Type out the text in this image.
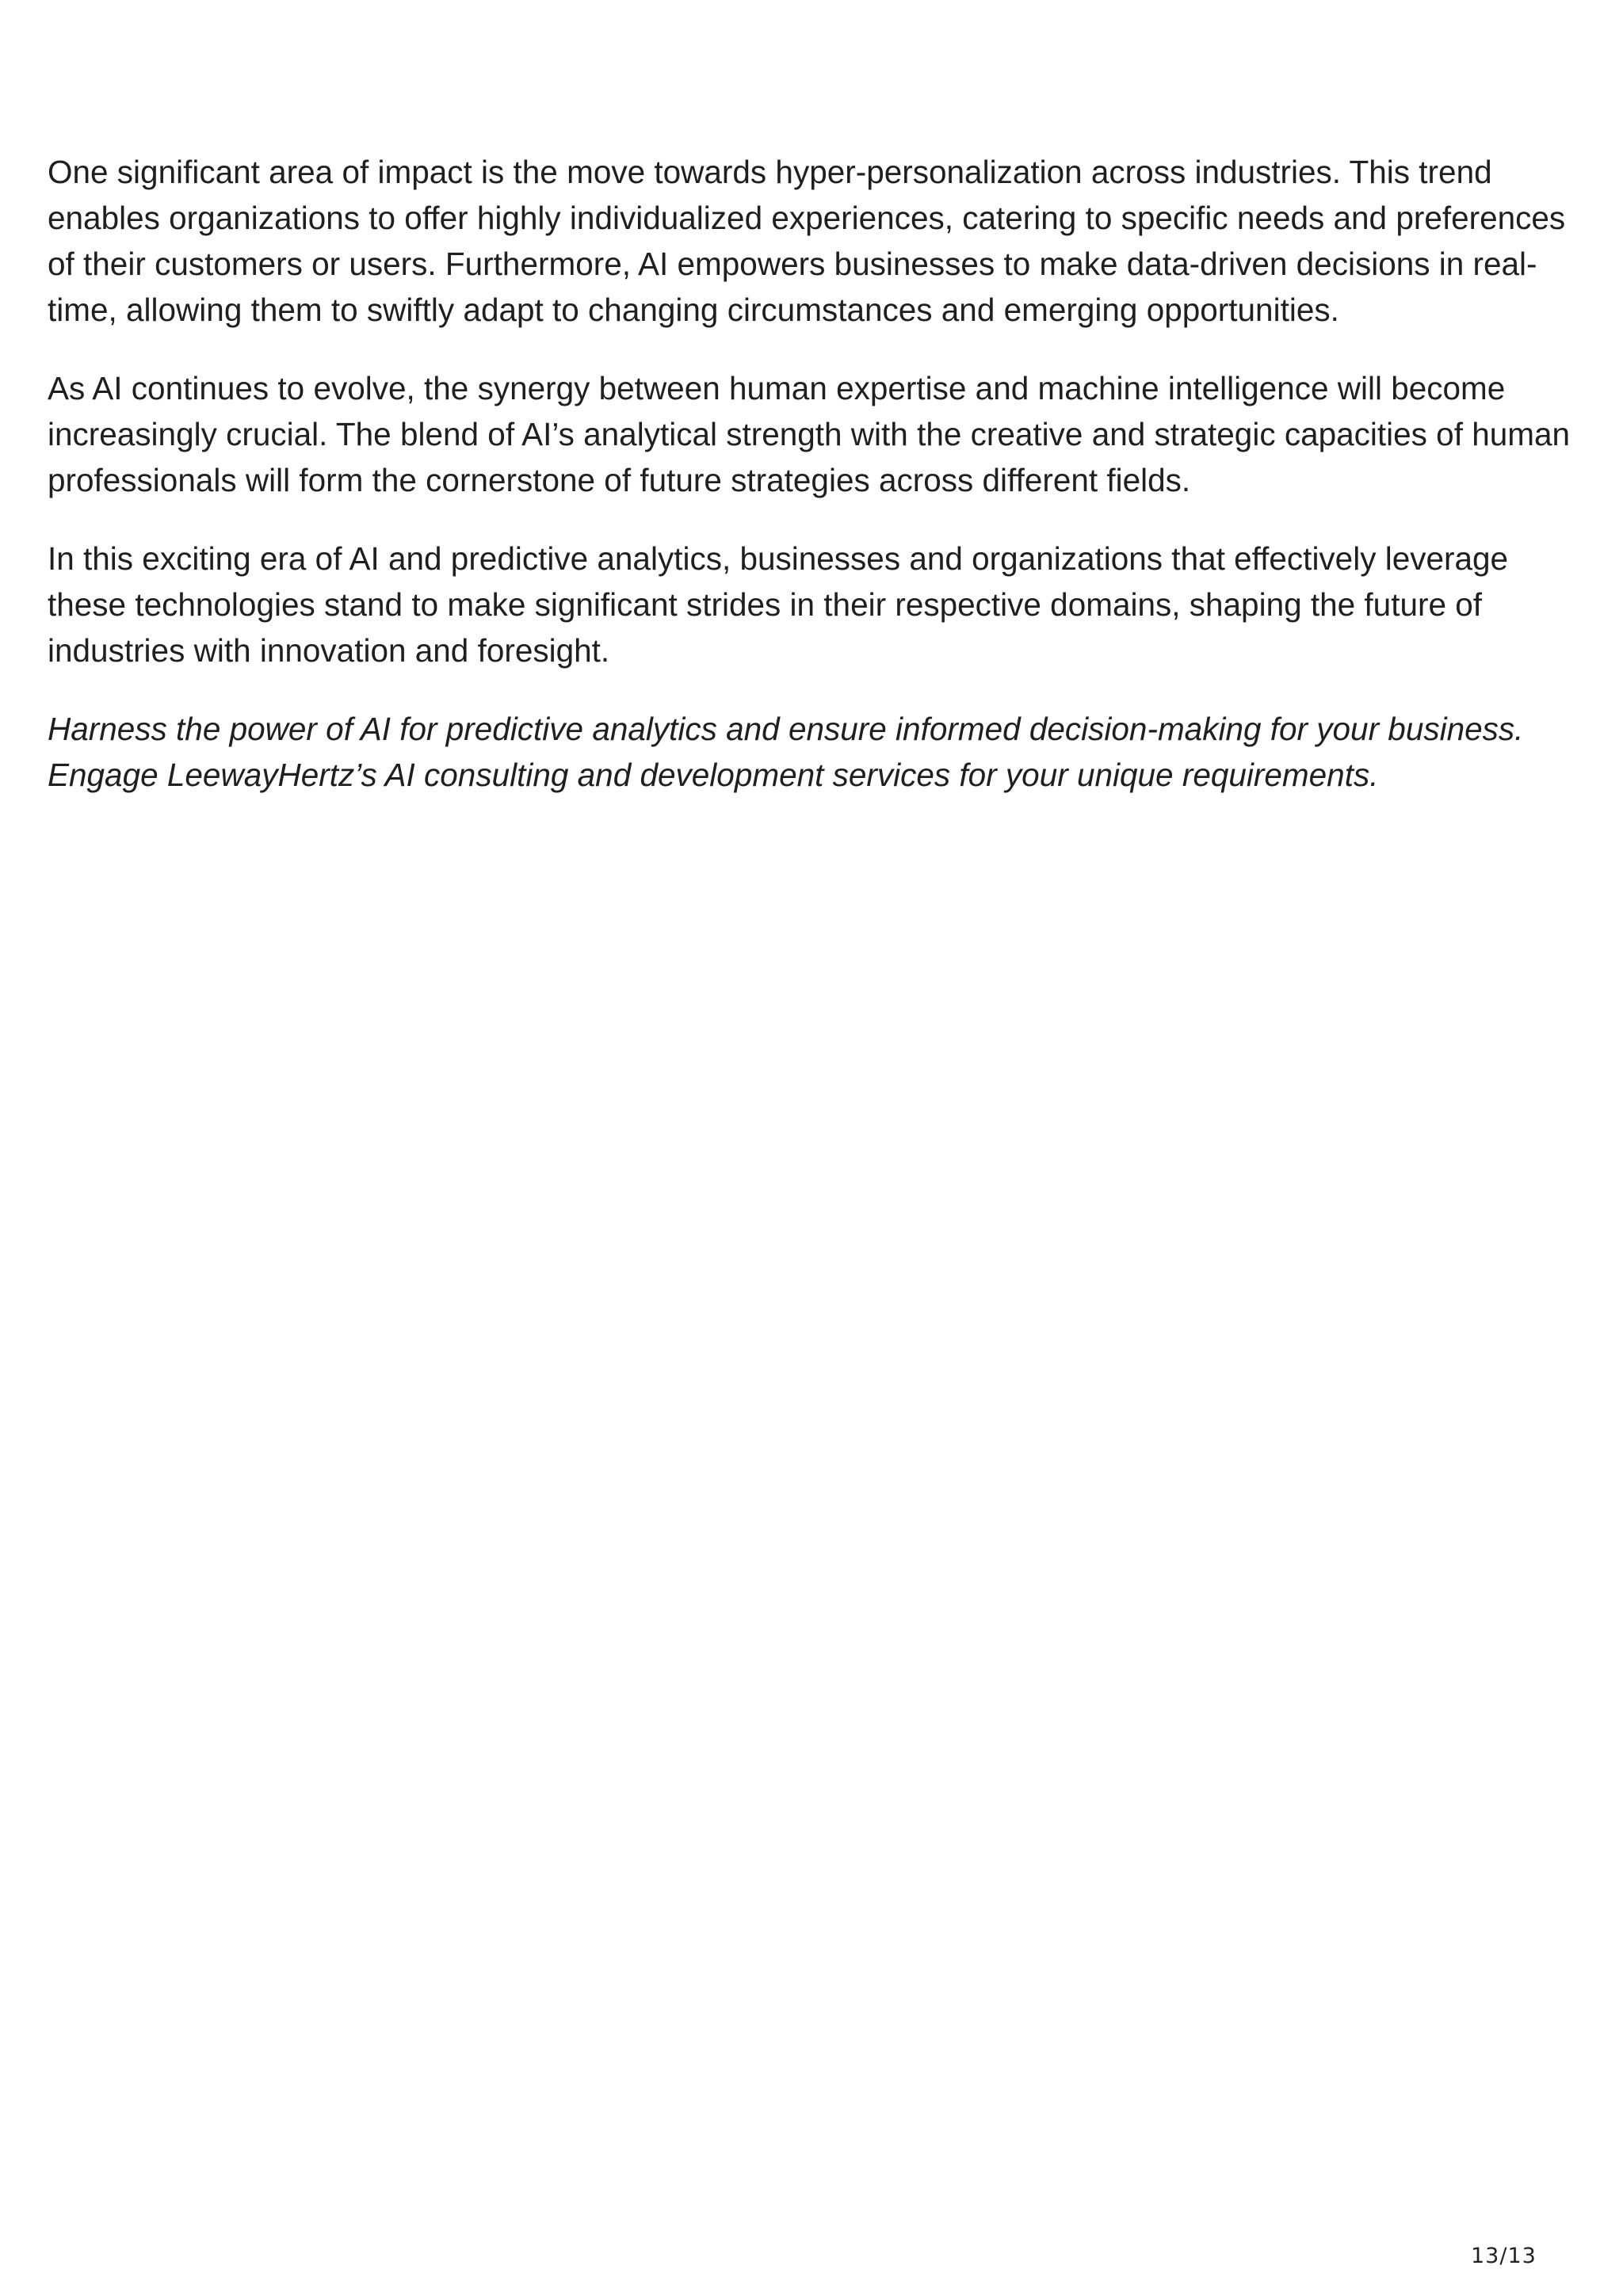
One significant area of impact is the move towards hyper-personalization across industries. This trend enables organizations to offer highly individualized experiences, catering to specific needs and preferences of their customers or users. Furthermore, AI empowers businesses to make data-driven decisions in real-time, allowing them to swiftly adapt to changing circumstances and emerging opportunities.

As AI continues to evolve, the synergy between human expertise and machine intelligence will become increasingly crucial. The blend of AI’s analytical strength with the creative and strategic capacities of human professionals will form the cornerstone of future strategies across different fields.

In this exciting era of AI and predictive analytics, businesses and organizations that effectively leverage these technologies stand to make significant strides in their respective domains, shaping the future of industries with innovation and foresight.

Harness the power of AI for predictive analytics and ensure informed decision-making for your business. Engage LeewayHertz’s AI consulting and development services for your unique requirements.

13/13
